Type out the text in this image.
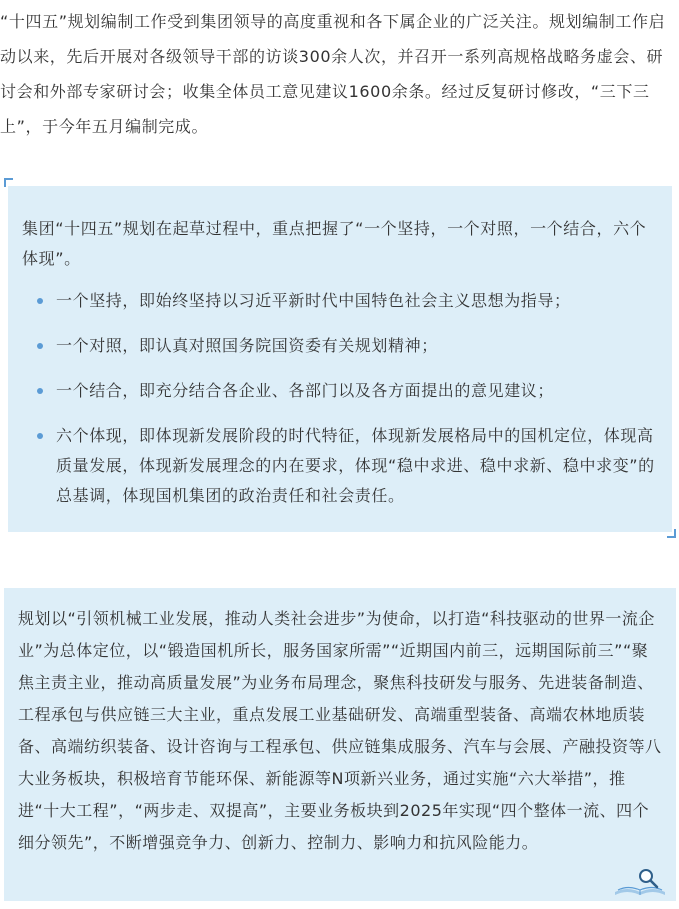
“十四五”规划编制工作受到集团领导的高度重视和各下属企业的广泛关注。规划编制工作启动以来，先后开展对各级领导干部的访谈300余人次，并召开一系列高规格战略务虚会、研讨会和外部专家研讨会；收集全体员工意见建议1600余条。经过反复研讨修改，“三下三上”，于今年五月编制完成。

集团“十四五”规划在起草过程中，重点把握了“一个坚持，一个对照，一个结合，六个体现”。

一个坚持，即始终坚持以习近平新时代中国特色社会主义思想为指导；
一个对照，即认真对照国务院国资委有关规划精神；
一个结合，即充分结合各企业、各部门以及各方面提出的意见建议；
六个体现，即体现新发展阶段的时代特征，体现新发展格局中的国机定位，体现高质量发展，体现新发展理念的内在要求，体现“稳中求进、稳中求新、稳中求变”的总基调，体现国机集团的政治责任和社会责任。

规划以“引领机械工业发展，推动人类社会进步”为使命，以打造“科技驱动的世界一流企业”为总体定位，以“锻造国机所长，服务国家所需”“近期国内前三，远期国际前三”“聚焦主责主业，推动高质量发展”为业务布局理念，聚焦科技研发与服务、先进装备制造、工程承包与供应链三大主业，重点发展工业基础研发、高端重型装备、高端农林地质装备、高端纺织装备、设计咨询与工程承包、供应链集成服务、汽车与会展、产融投资等八大业务板块，积极培育节能环保、新能源等N项新兴业务，通过实施“六大举措”，推进“十大工程”，“两步走、双提高”，主要业务板块到2025年实现“四个整体一流、四个细分领先”，不断增强竞争力、创新力、控制力、影响力和抗风险能力。
